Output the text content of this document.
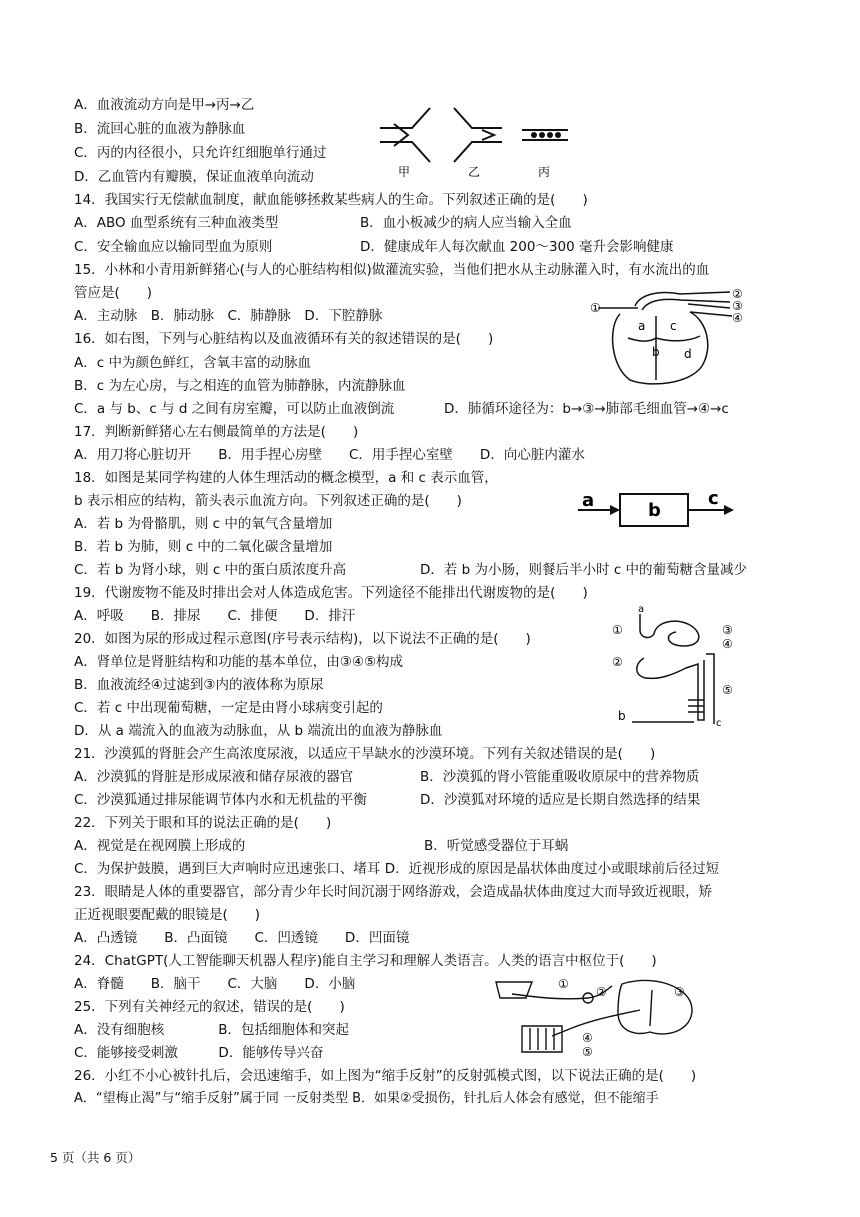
A．血液流动方向是甲→丙→乙
B．流回心脏的血液为静脉血
C．丙的内径很小，只允许红细胞单行通过
D．乙血管内有瓣膜，保证血液单向流动
14．我国实行无偿献血制度，献血能够拯救某些病人的生命。下列叙述正确的是(　　)
A．ABO 血型系统有三种血液类型	B．血小板减少的病人应当输入全血
C．安全输血应以输同型血为原则	D．健康成年人每次献血 200～300 毫升会影响健康
15．小林和小青用新鲜猪心(与人的心脏结构相似)做灌流实验，当他们把水从主动脉灌入时，有水流出的血
管应是(　　)
A．主动脉　B．肺动脉　C．肺静脉　D．下腔静脉
16．如右图，下列与心脏结构以及血液循环有关的叙述错误的是(　　)
A．c 中为颜色鲜红，含氧丰富的动脉血
B．c 为左心房，与之相连的血管为肺静脉，内流静脉血
C．a 与 b、c 与 d 之间有房室瓣，可以防止血液倒流	D．肺循环途径为：b→③→肺部毛细血管→④→c
17．判断新鲜猪心左右侧最简单的方法是(　　)
A．用刀将心脏切开　　B．用手捏心房壁　　C．用手捏心室壁　　D．向心脏内灌水
18．如图是某同学构建的人体生理活动的概念模型，a 和 c 表示血管，
b 表示相应的结构，箭头表示血流方向。下列叙述正确的是(　　)
A．若 b 为骨骼肌，则 c 中的氧气含量增加
B．若 b 为肺，则 c 中的二氧化碳含量增加
C．若 b 为肾小球，则 c 中的蛋白质浓度升高	D．若 b 为小肠，则餐后半小时 c 中的葡萄糖含量减少
19．代谢废物不能及时排出会对人体造成危害。下列途径不能排出代谢废物的是(　　)
A．呼吸　　B．排尿　　C．排便　　D．排汗
20．如图为尿的形成过程示意图(序号表示结构)，以下说法不正确的是(　　)
A．肾单位是肾脏结构和功能的基本单位，由③④⑤构成
B．血液流经④过滤到③内的液体称为原尿
C．若 c 中出现葡萄糖，一定是由肾小球病变引起的
D．从 a 端流入的血液为动脉血，从 b 端流出的血液为静脉血
21．沙漠狐的肾脏会产生高浓度尿液，以适应干旱缺水的沙漠环境。下列有关叙述错误的是(　　)
A．沙漠狐的肾脏是形成尿液和储存尿液的器官	B．沙漠狐的肾小管能重吸收原尿中的营养物质
C．沙漠狐通过排尿能调节体内水和无机盐的平衡	D．沙漠狐对环境的适应是长期自然选择的结果
22．下列关于眼和耳的说法正确的是(　　)
A．视觉是在视网膜上形成的	B．听觉感受器位于耳蜗
C．为保护鼓膜，遇到巨大声响时应迅速张口、堵耳 D．近视形成的原因是晶状体曲度过小或眼球前后径过短
23．眼睛是人体的重要器官，部分青少年长时间沉溺于网络游戏，会造成晶状体曲度过大而导致近视眼，矫
正近视眼要配戴的眼镜是(　　)
A．凸透镜　　B．凸面镜　　C．凹透镜　　D．凹面镜
24．ChatGPT(人工智能聊天机器人程序)能自主学习和理解人类语言。人类的语言中枢位于(　　)
A．脊髓　　B．脑干　　C．大脑　　D．小脑
25．下列有关神经元的叙述，错误的是(　　)
A．没有细胞核　　　　B．包括细胞体和突起
C．能够接受刺激　　　D．能够传导兴奋
26．小红不小心被针扎后，会迅速缩手，如上图为“缩手反射”的反射弧模式图，以下说法正确的是(　　)
A．“望梅止渴”与“缩手反射”属于同 一反射类型 B．如果②受损伤，针扎后人体会有感觉，但不能缩手
甲	乙	丙
①
②
③
④
a
b
c
d
a	b
c
a
①
②
③
④
⑤
b
c
①
②	③
④
⑤
5 页（共 6 页）
